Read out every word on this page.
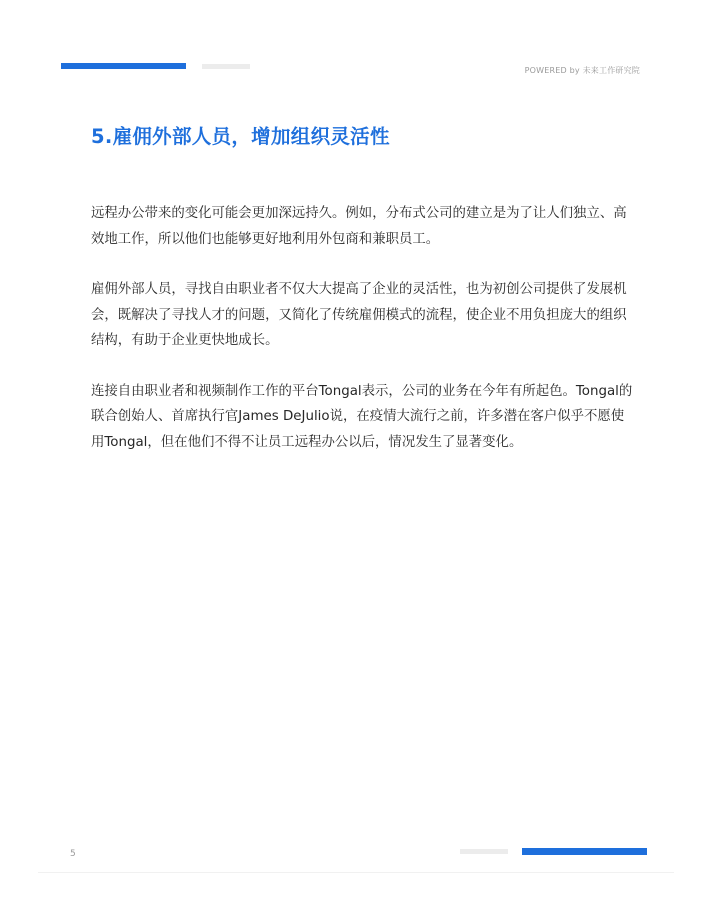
POWERED by 未来工作研究院
5.雇佣外部人员，增加组织灵活性

远程办公带来的变化可能会更加深远持久。例如，分布式公司的建立是为了让人们独立、高效地工作，所以他们也能够更好地利用外包商和兼职员工。

雇佣外部人员，寻找自由职业者不仅大大提高了企业的灵活性，也为初创公司提供了发展机会，既解决了寻找人才的问题，又简化了传统雇佣模式的流程，使企业不用负担庞大的组织结构，有助于企业更快地成长。

连接自由职业者和视频制作工作的平台Tongal表示，公司的业务在今年有所起色。Tongal的联合创始人、首席执行官James DeJulio说，在疫情大流行之前，许多潜在客户似乎不愿使用Tongal，但在他们不得不让员工远程办公以后，情况发生了显著变化。

5
